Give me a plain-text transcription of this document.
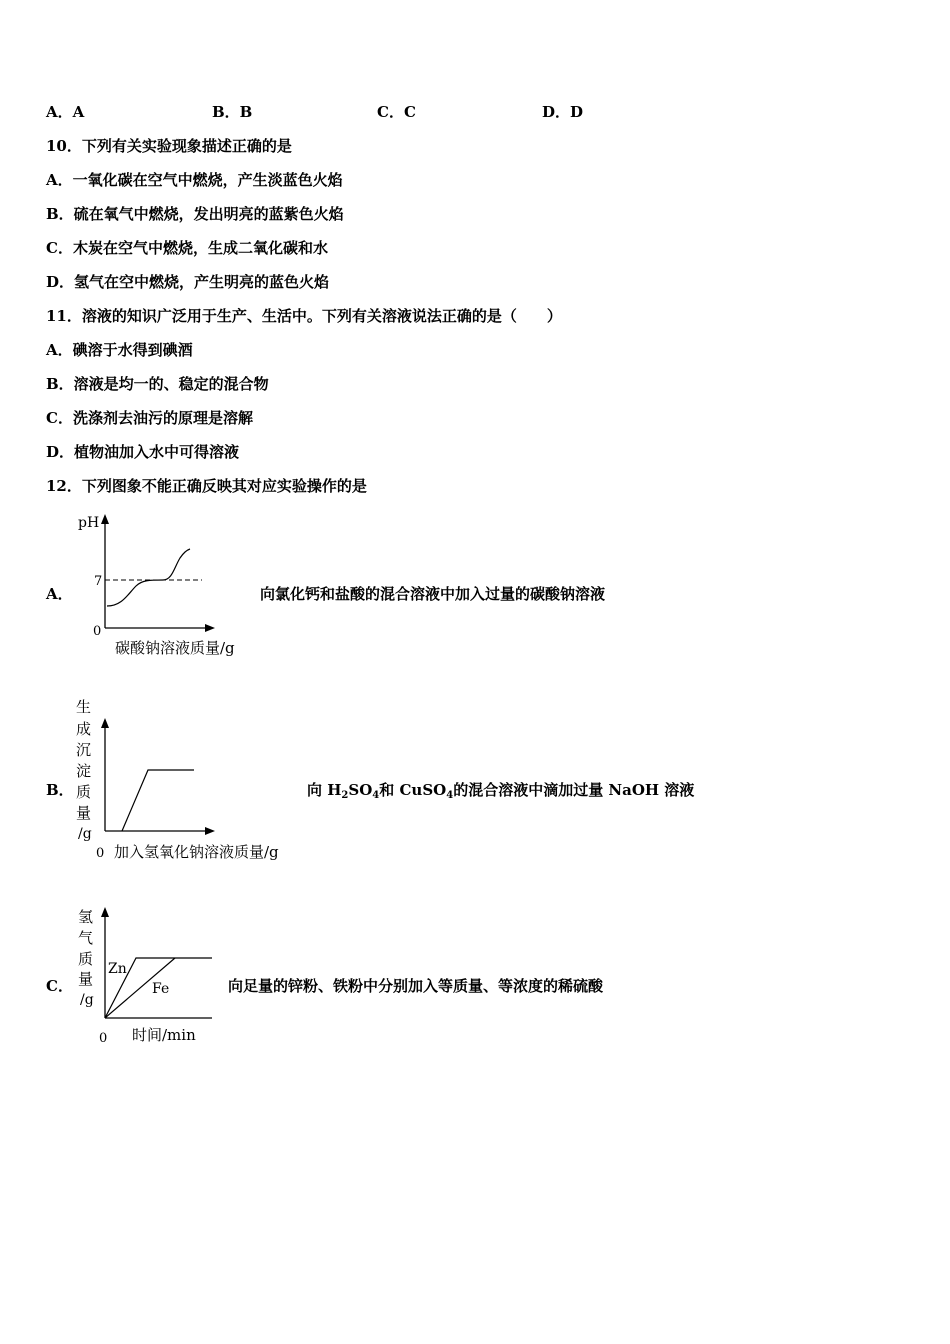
A．A	B．B	C．C	D．D
10．下列有关实验现象描述正确的是
A．一氧化碳在空气中燃烧，产生淡蓝色火焰
B．硫在氧气中燃烧，发出明亮的蓝紫色火焰
C．木炭在空气中燃烧，生成二氧化碳和水
D．氢气在空中燃烧，产生明亮的蓝色火焰
11．溶液的知识广泛用于生产、生活中。下列有关溶液说法正确的是（　　）
A．碘溶于水得到碘酒
B．溶液是均一的、稳定的混合物
C．洗涤剂去油污的原理是溶解
D．植物油加入水中可得溶液
12．下列图象不能正确反映其对应实验操作的是
A．
pH
7
0
碳酸钠溶液质量/g
向氯化钙和盐酸的混合溶液中加入过量的碳酸钠溶液
B．
生
成
沉
淀
质
量
/g
0 加入氢氧化钠溶液质量/g
向 $H_2SO_4$和 CuSO$_4$的混合溶液中滴加过量 NaOH 溶液
C．
氢
气
质
量
/g
Zn
Fe
0 时间/min
向足量的锌粉、铁粉中分别加入等质量、等浓度的稀硫酸
